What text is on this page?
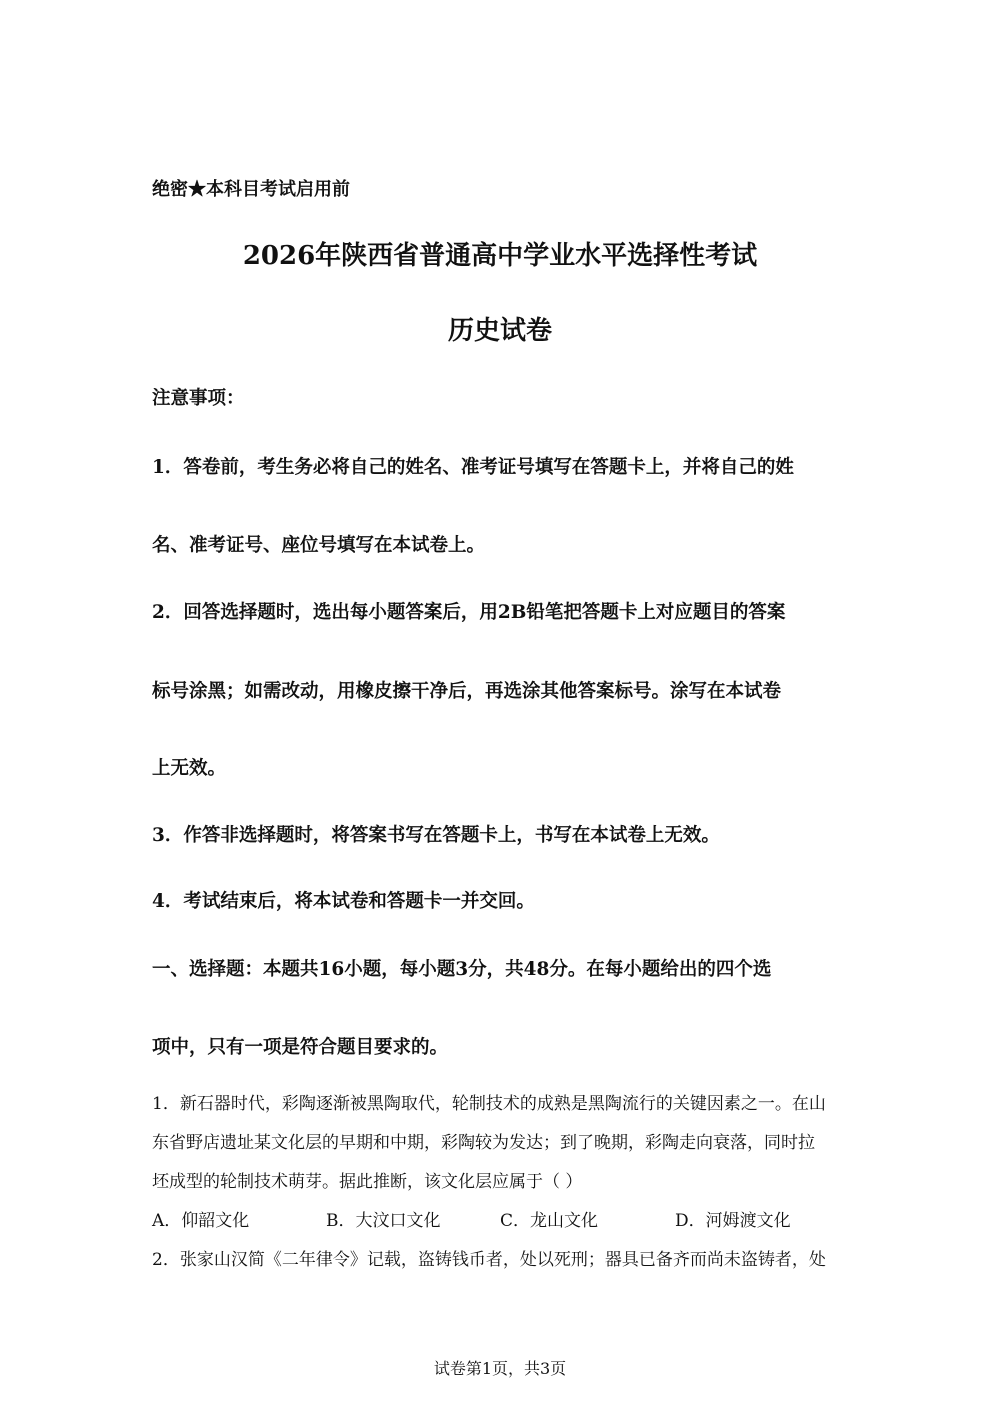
绝密★本科目考试启用前
2026年陕西省普通高中学业水平选择性考试
历史试卷
注意事项：
1．答卷前，考生务必将自己的姓名、准考证号填写在答题卡上，并将自己的姓
名、准考证号、座位号填写在本试卷上。
2．回答选择题时，选出每小题答案后，用2B铅笔把答题卡上对应题目的答案
标号涂黑；如需改动，用橡皮擦干净后，再选涂其他答案标号。涂写在本试卷
上无效。
3．作答非选择题时，将答案书写在答题卡上，书写在本试卷上无效。
4．考试结束后，将本试卷和答题卡一并交回。
一、选择题：本题共16小题，每小题3分，共48分。在每小题给出的四个选
项中，只有一项是符合题目要求的。
1．新石器时代，彩陶逐渐被黑陶取代，轮制技术的成熟是黑陶流行的关键因素之一。在山
东省野店遗址某文化层的早期和中期，彩陶较为发达；到了晚期，彩陶走向衰落，同时拉
坯成型的轮制技术萌芽。据此推断，该文化层应属于（ ）
A．仰韶文化	B．大汶口文化	C．龙山文化	D．河姆渡文化
2．张家山汉简《二年律令》记载，盗铸钱币者，处以死刑；器具已备齐而尚未盗铸者，处
试卷第1页，共3页
